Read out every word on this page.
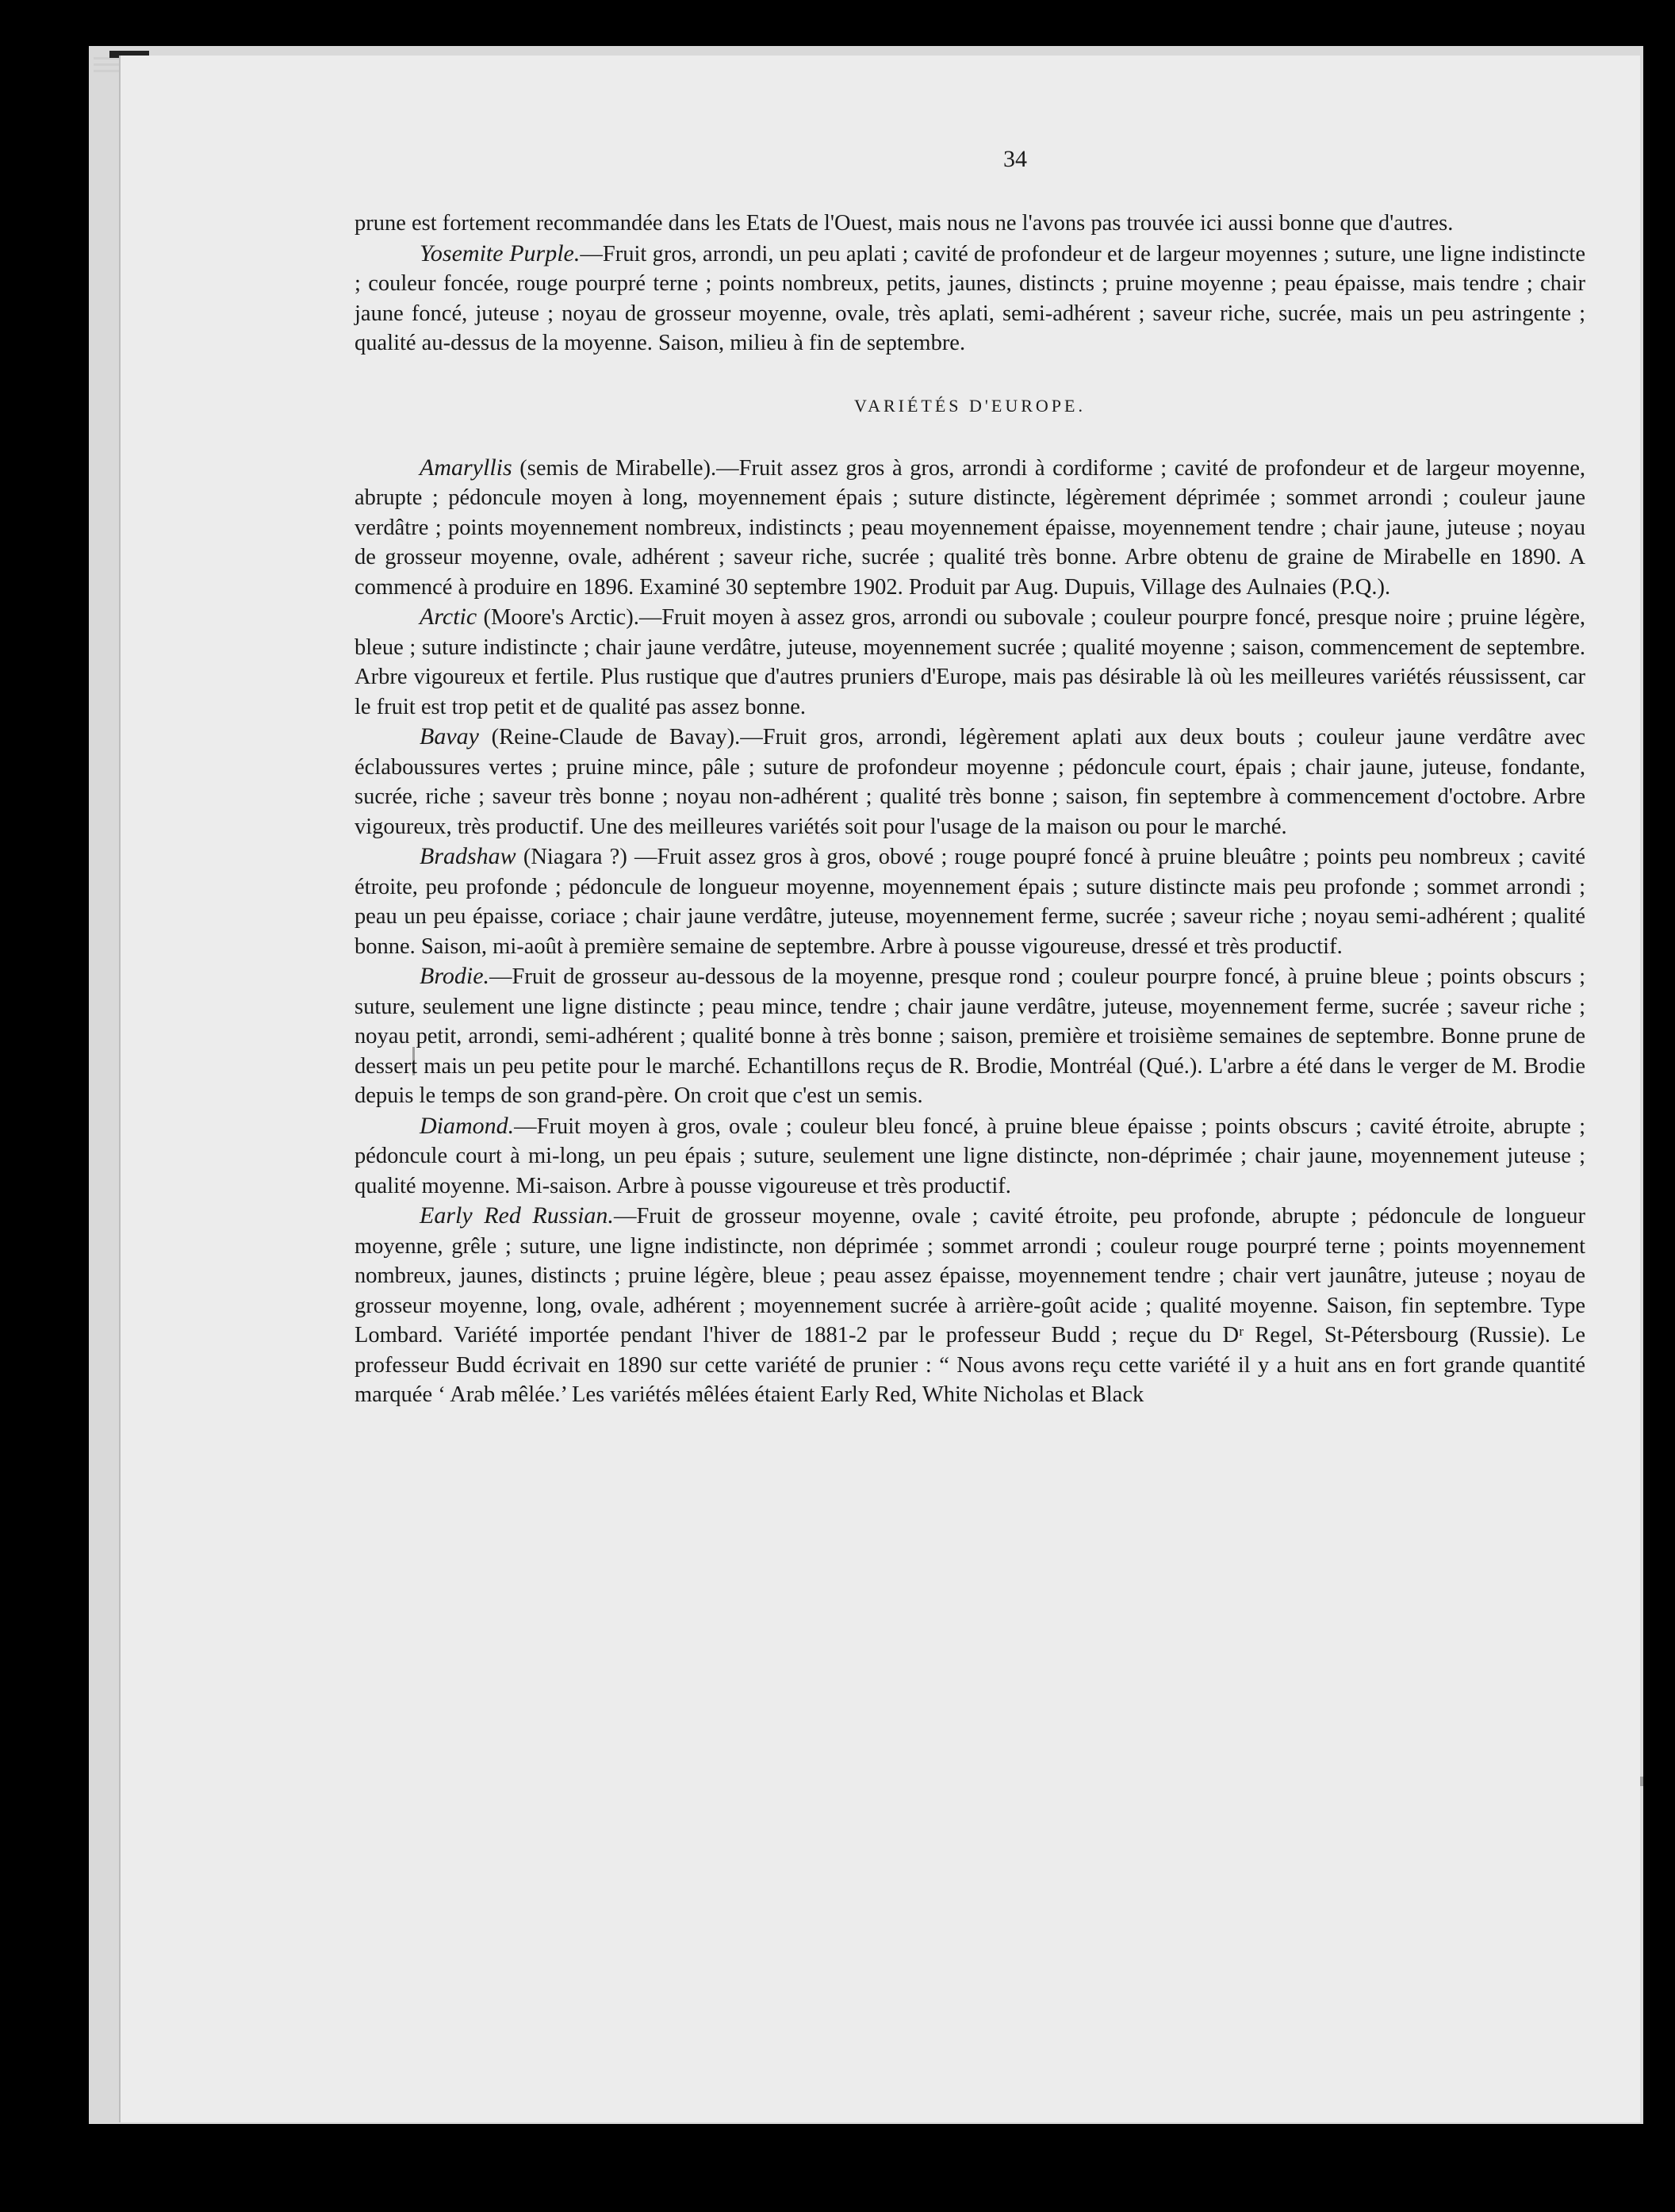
34

prune est fortement recommandée dans les Etats de l'Ouest, mais nous ne l'avons pas trouvée ici aussi bonne que d'autres.

Yosemite Purple.—Fruit gros, arrondi, un peu aplati ; cavité de profondeur et de largeur moyennes ; suture, une ligne indistincte ; couleur foncée, rouge pourpré terne ; points nombreux, petits, jaunes, distincts ; pruine moyenne ; peau épaisse, mais tendre ; chair jaune foncé, juteuse ; noyau de grosseur moyenne, ovale, très aplati, semi-adhérent ; saveur riche, sucrée, mais un peu astringente ; qualité au-dessus de la moyenne. Saison, milieu à fin de septembre.

VARIÉTÉS D'EUROPE.

Amaryllis (semis de Mirabelle).—Fruit assez gros à gros, arrondi à cordiforme ; cavité de profondeur et de largeur moyenne, abrupte ; pédoncule moyen à long, moyennement épais ; suture distincte, légèrement déprimée ; sommet arrondi ; couleur jaune verdâtre ; points moyennement nombreux, indistincts ; peau moyennement épaisse, moyennement tendre ; chair jaune, juteuse ; noyau de grosseur moyenne, ovale, adhérent ; saveur riche, sucrée ; qualité très bonne. Arbre obtenu de graine de Mirabelle en 1890. A commencé à produire en 1896. Examiné 30 septembre 1902. Produit par Aug. Dupuis, Village des Aulnaies (P.Q.).

Arctic (Moore's Arctic).—Fruit moyen à assez gros, arrondi ou subovale ; couleur pourpre foncé, presque noire ; pruine légère, bleue ; suture indistincte ; chair jaune verdâtre, juteuse, moyennement sucrée ; qualité moyenne ; saison, commencement de septembre. Arbre vigoureux et fertile. Plus rustique que d'autres pruniers d'Europe, mais pas désirable là où les meilleures variétés réussissent, car le fruit est trop petit et de qualité pas assez bonne.

Bavay (Reine-Claude de Bavay).—Fruit gros, arrondi, légèrement aplati aux deux bouts ; couleur jaune verdâtre avec éclaboussures vertes ; pruine mince, pâle ; suture de profondeur moyenne ; pédoncule court, épais ; chair jaune, juteuse, fondante, sucrée, riche ; saveur très bonne ; noyau non-adhérent ; qualité très bonne ; saison, fin septembre à commencement d'octobre. Arbre vigoureux, très productif. Une des meilleures variétés soit pour l'usage de la maison ou pour le marché.

Bradshaw (Niagara ?) —Fruit assez gros à gros, obové ; rouge poupré foncé à pruine bleuâtre ; points peu nombreux ; cavité étroite, peu profonde ; pédoncule de longueur moyenne, moyennement épais ; suture distincte mais peu profonde ; sommet arrondi ; peau un peu épaisse, coriace ; chair jaune verdâtre, juteuse, moyennement ferme, sucrée ; saveur riche ; noyau semi-adhérent ; qualité bonne. Saison, mi-août à première semaine de septembre. Arbre à pousse vigoureuse, dressé et très productif.

Brodie.—Fruit de grosseur au-dessous de la moyenne, presque rond ; couleur pourpre foncé, à pruine bleue ; points obscurs ; suture, seulement une ligne distincte ; peau mince, tendre ; chair jaune verdâtre, juteuse, moyennement ferme, sucrée ; saveur riche ; noyau petit, arrondi, semi-adhérent ; qualité bonne à très bonne ; saison, première et troisième semaines de septembre. Bonne prune de dessert mais un peu petite pour le marché. Echantillons reçus de R. Brodie, Montréal (Qué.). L'arbre a été dans le verger de M. Brodie depuis le temps de son grand-père. On croit que c'est un semis.

Diamond.—Fruit moyen à gros, ovale ; couleur bleu foncé, à pruine bleue épaisse ; points obscurs ; cavité étroite, abrupte ; pédoncule court à mi-long, un peu épais ; suture, seulement une ligne distincte, non-déprimée ; chair jaune, moyennement juteuse ; qualité moyenne. Mi-saison. Arbre à pousse vigoureuse et très productif.

Early Red Russian.—Fruit de grosseur moyenne, ovale ; cavité étroite, peu profonde, abrupte ; pédoncule de longueur moyenne, grêle ; suture, une ligne indistincte, non déprimée ; sommet arrondi ; couleur rouge pourpré terne ; points moyennement nombreux, jaunes, distincts ; pruine légère, bleue ; peau assez épaisse, moyennement tendre ; chair vert jaunâtre, juteuse ; noyau de grosseur moyenne, long, ovale, adhérent ; moyennement sucrée à arrière-goût acide ; qualité moyenne. Saison, fin septembre. Type Lombard. Variété importée pendant l'hiver de 1881-2 par le professeur Budd ; reçue du Dʳ Regel, St-Pétersbourg (Russie). Le professeur Budd écrivait en 1890 sur cette variété de prunier : “ Nous avons reçu cette variété il y a huit ans en fort grande quantité marquée ‘ Arab mêlée.’ Les variétés mêlées étaient Early Red, White Nicholas et Black
